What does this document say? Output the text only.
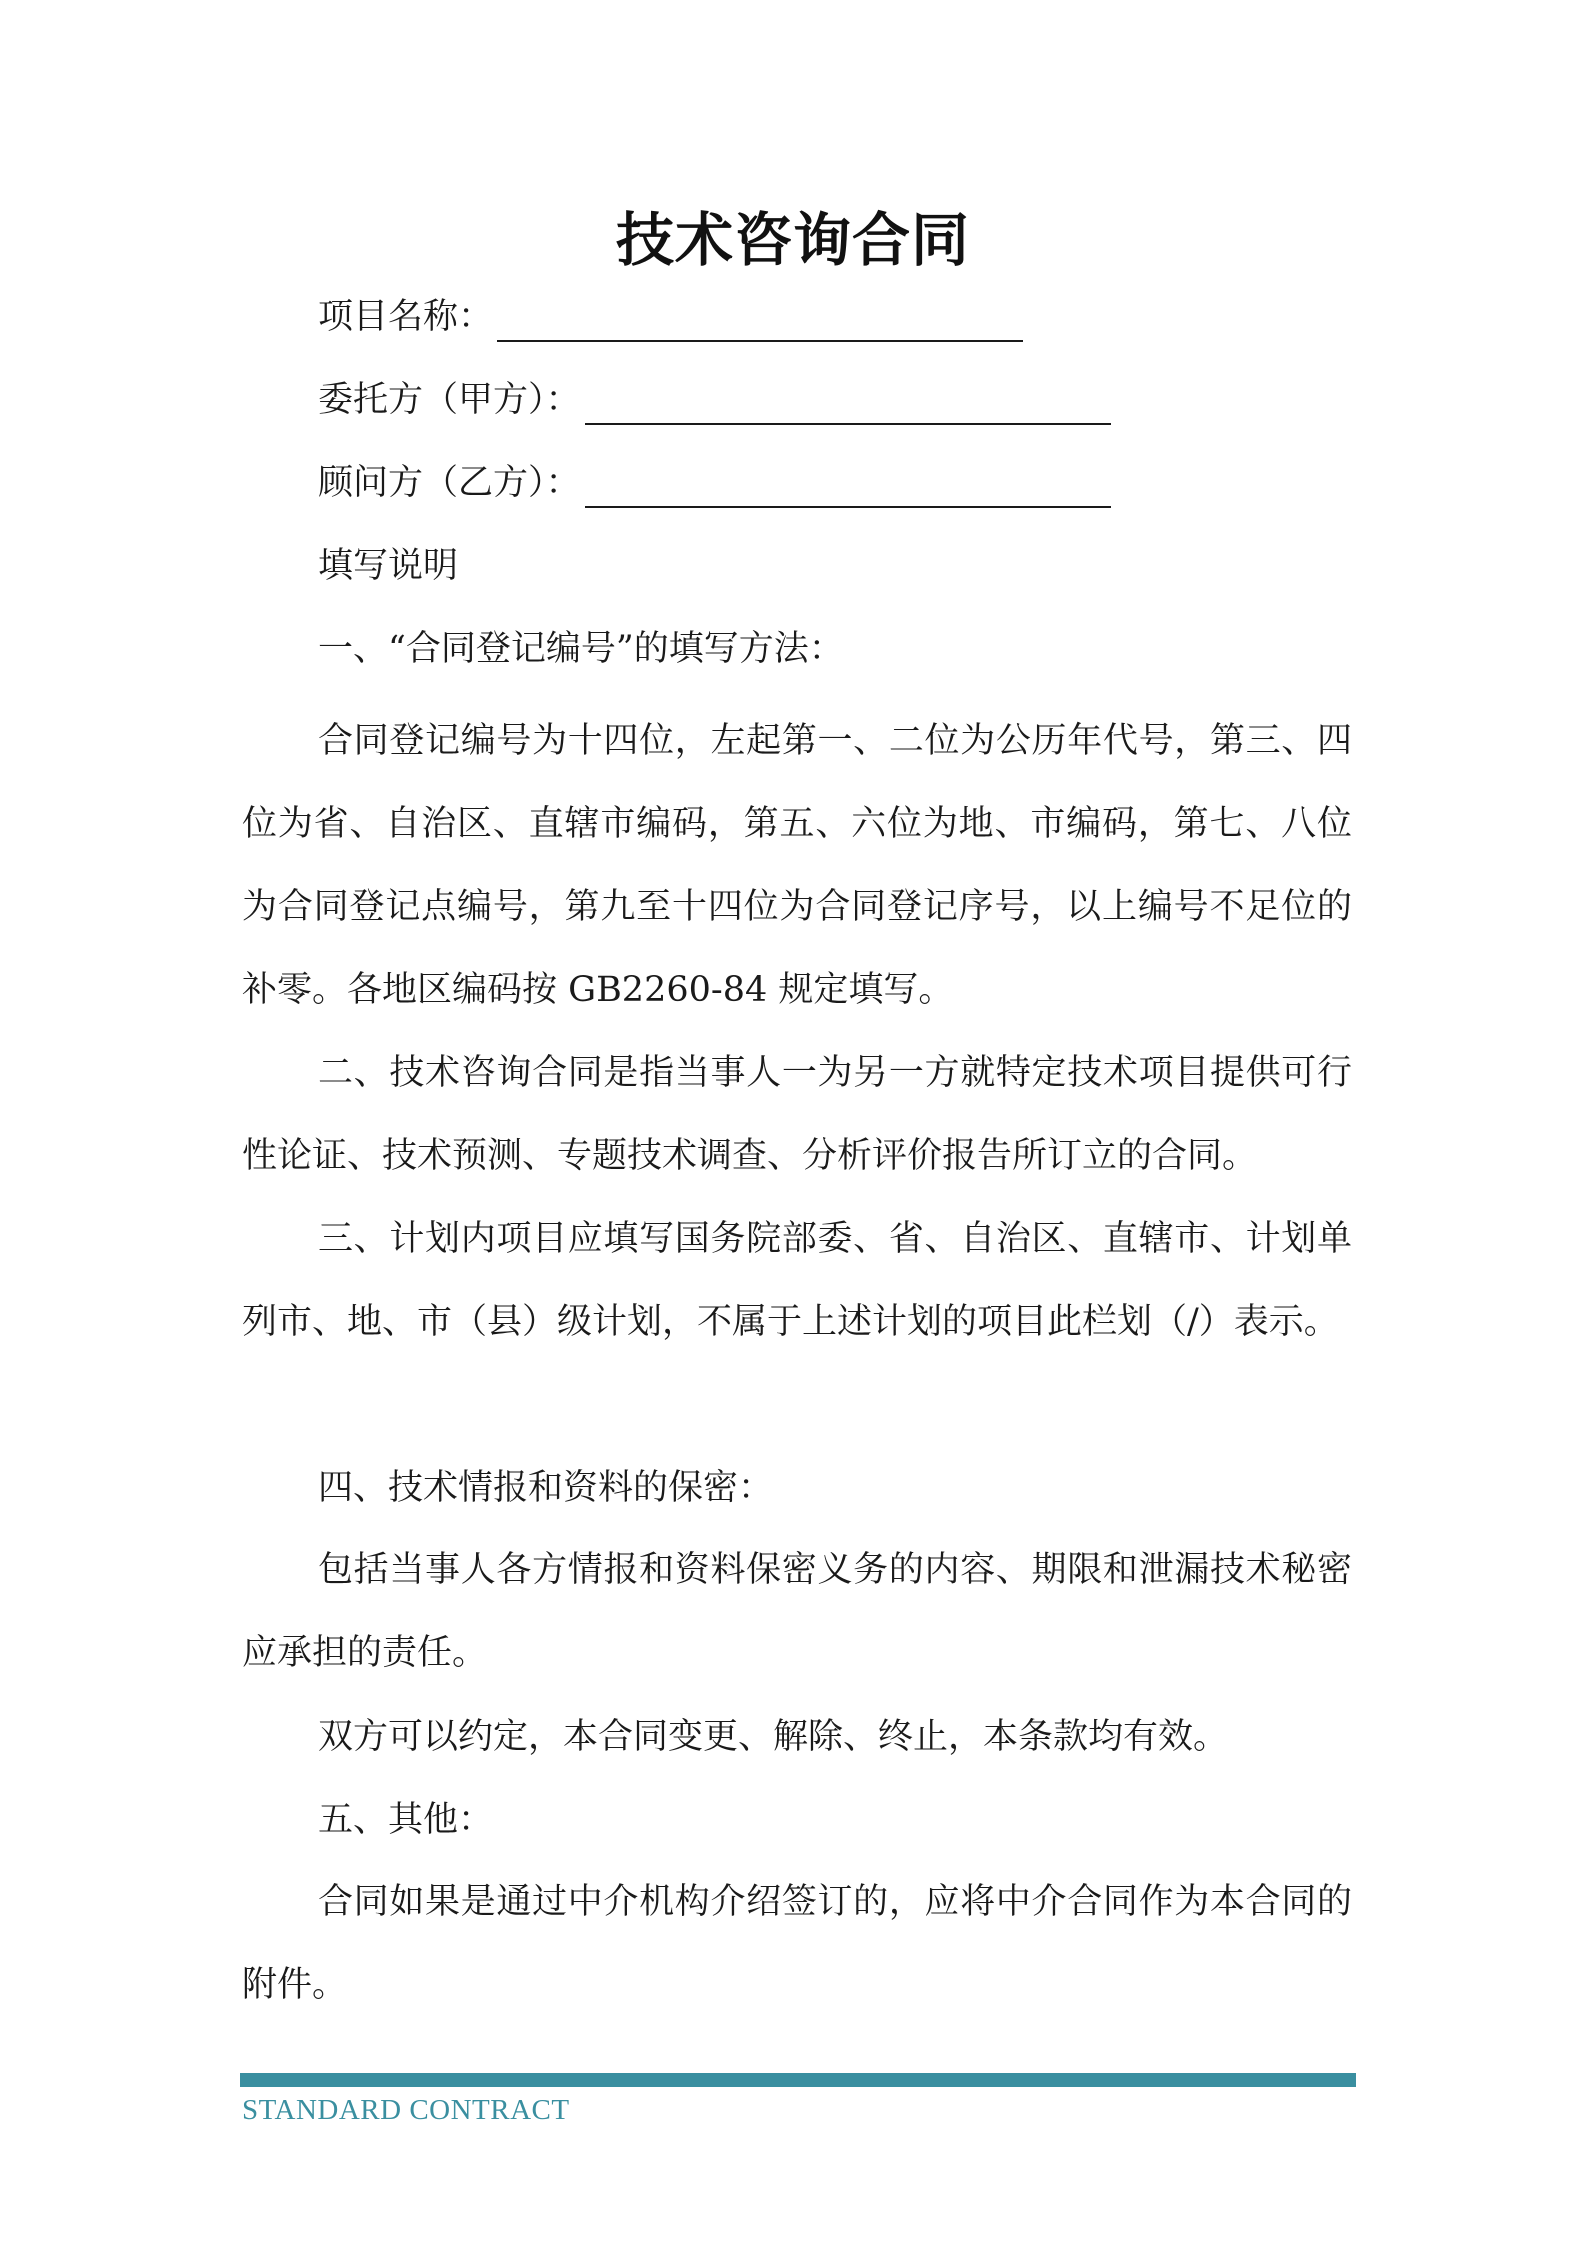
技术咨询合同
项目名称：
委托方（甲方）：
顾问方（乙方）：
填写说明
一、“合同登记编号”的填写方法：
合同登记编号为十四位，左起第一、二位为公历年代号，第三、四位为省、自治区、直辖市编码，第五、六位为地、市编码，第七、八位为合同登记点编号，第九至十四位为合同登记序号，以上编号不足位的补零。各地区编码按 GB2260-84 规定填写。
二、技术咨询合同是指当事人一为另一方就特定技术项目提供可行性论证、技术预测、专题技术调查、分析评价报告所订立的合同。
三、计划内项目应填写国务院部委、省、自治区、直辖市、计划单列市、地、市（县）级计划，不属于上述计划的项目此栏划（/）表示。
四、技术情报和资料的保密：
包括当事人各方情报和资料保密义务的内容、期限和泄漏技术秘密应承担的责任。
双方可以约定，本合同变更、解除、终止，本条款均有效。
五、其他：
合同如果是通过中介机构介绍签订的，应将中介合同作为本合同的附件。
STANDARD CONTRACT
